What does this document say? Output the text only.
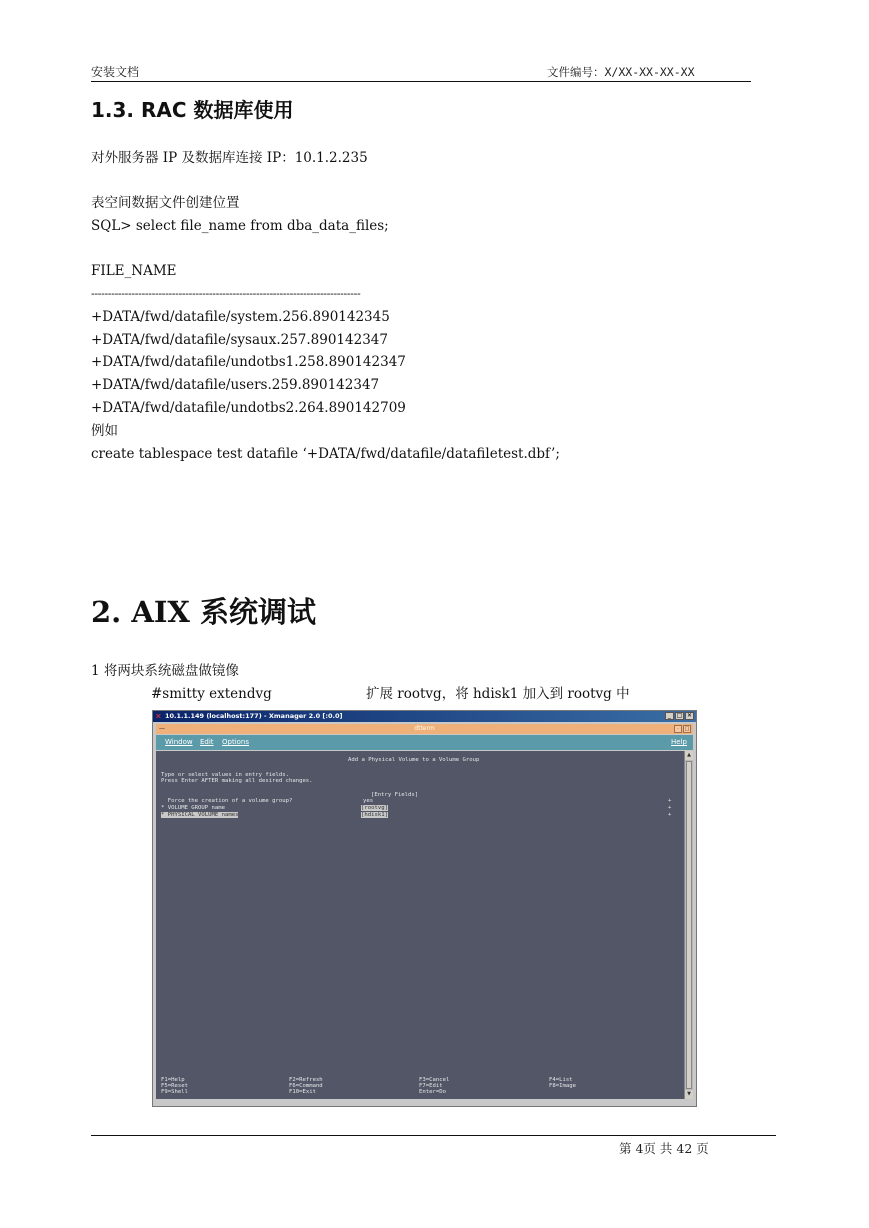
安装文档	文件编号：X/XX-XX-XX-XX
1.3. RAC 数据库使用
对外服务器 IP 及数据库连接 IP：10.1.2.235
表空间数据文件创建位置
SQL> select file_name from dba_data_files;
FILE_NAME
--------------------------------------------------------------------------------
+DATA/fwd/datafile/system.256.890142345
+DATA/fwd/datafile/sysaux.257.890142347
+DATA/fwd/datafile/undotbs1.258.890142347
+DATA/fwd/datafile/users.259.890142347
+DATA/fwd/datafile/undotbs2.264.890142709
例如
create tablespace test datafile ‘+DATA/fwd/datafile/datafiletest.dbf’;
2. AIX 系统调试
1 将两块系统磁盘做镜像
#smitty extendvg	扩展 rootvg，将 hdisk1 加入到 rootvg 中
✕ 10.1.1.149 (localhost:177) - Xmanager 2.0 [:0.0]	_ □ ✕
—	dtterm	·	□
Window Edit Options	Help
Add a Physical Volume to a Volume Group
Type or select values in entry fields.
Press Enter AFTER making all desired changes.
[Entry Fields]
Force the creation of a volume group?	yes	+
* VOLUME GROUP name	[rootvg]	+
* PHYSICAL VOLUME names	[hdisk1]	+
F1=Help	F2=Refresh	F3=Cancel	F4=List
F5=Reset	F6=Command	F7=Edit	F8=Image
F9=Shell	F10=Exit	Enter=Do
▲
▼
第 4页 共 42 页
